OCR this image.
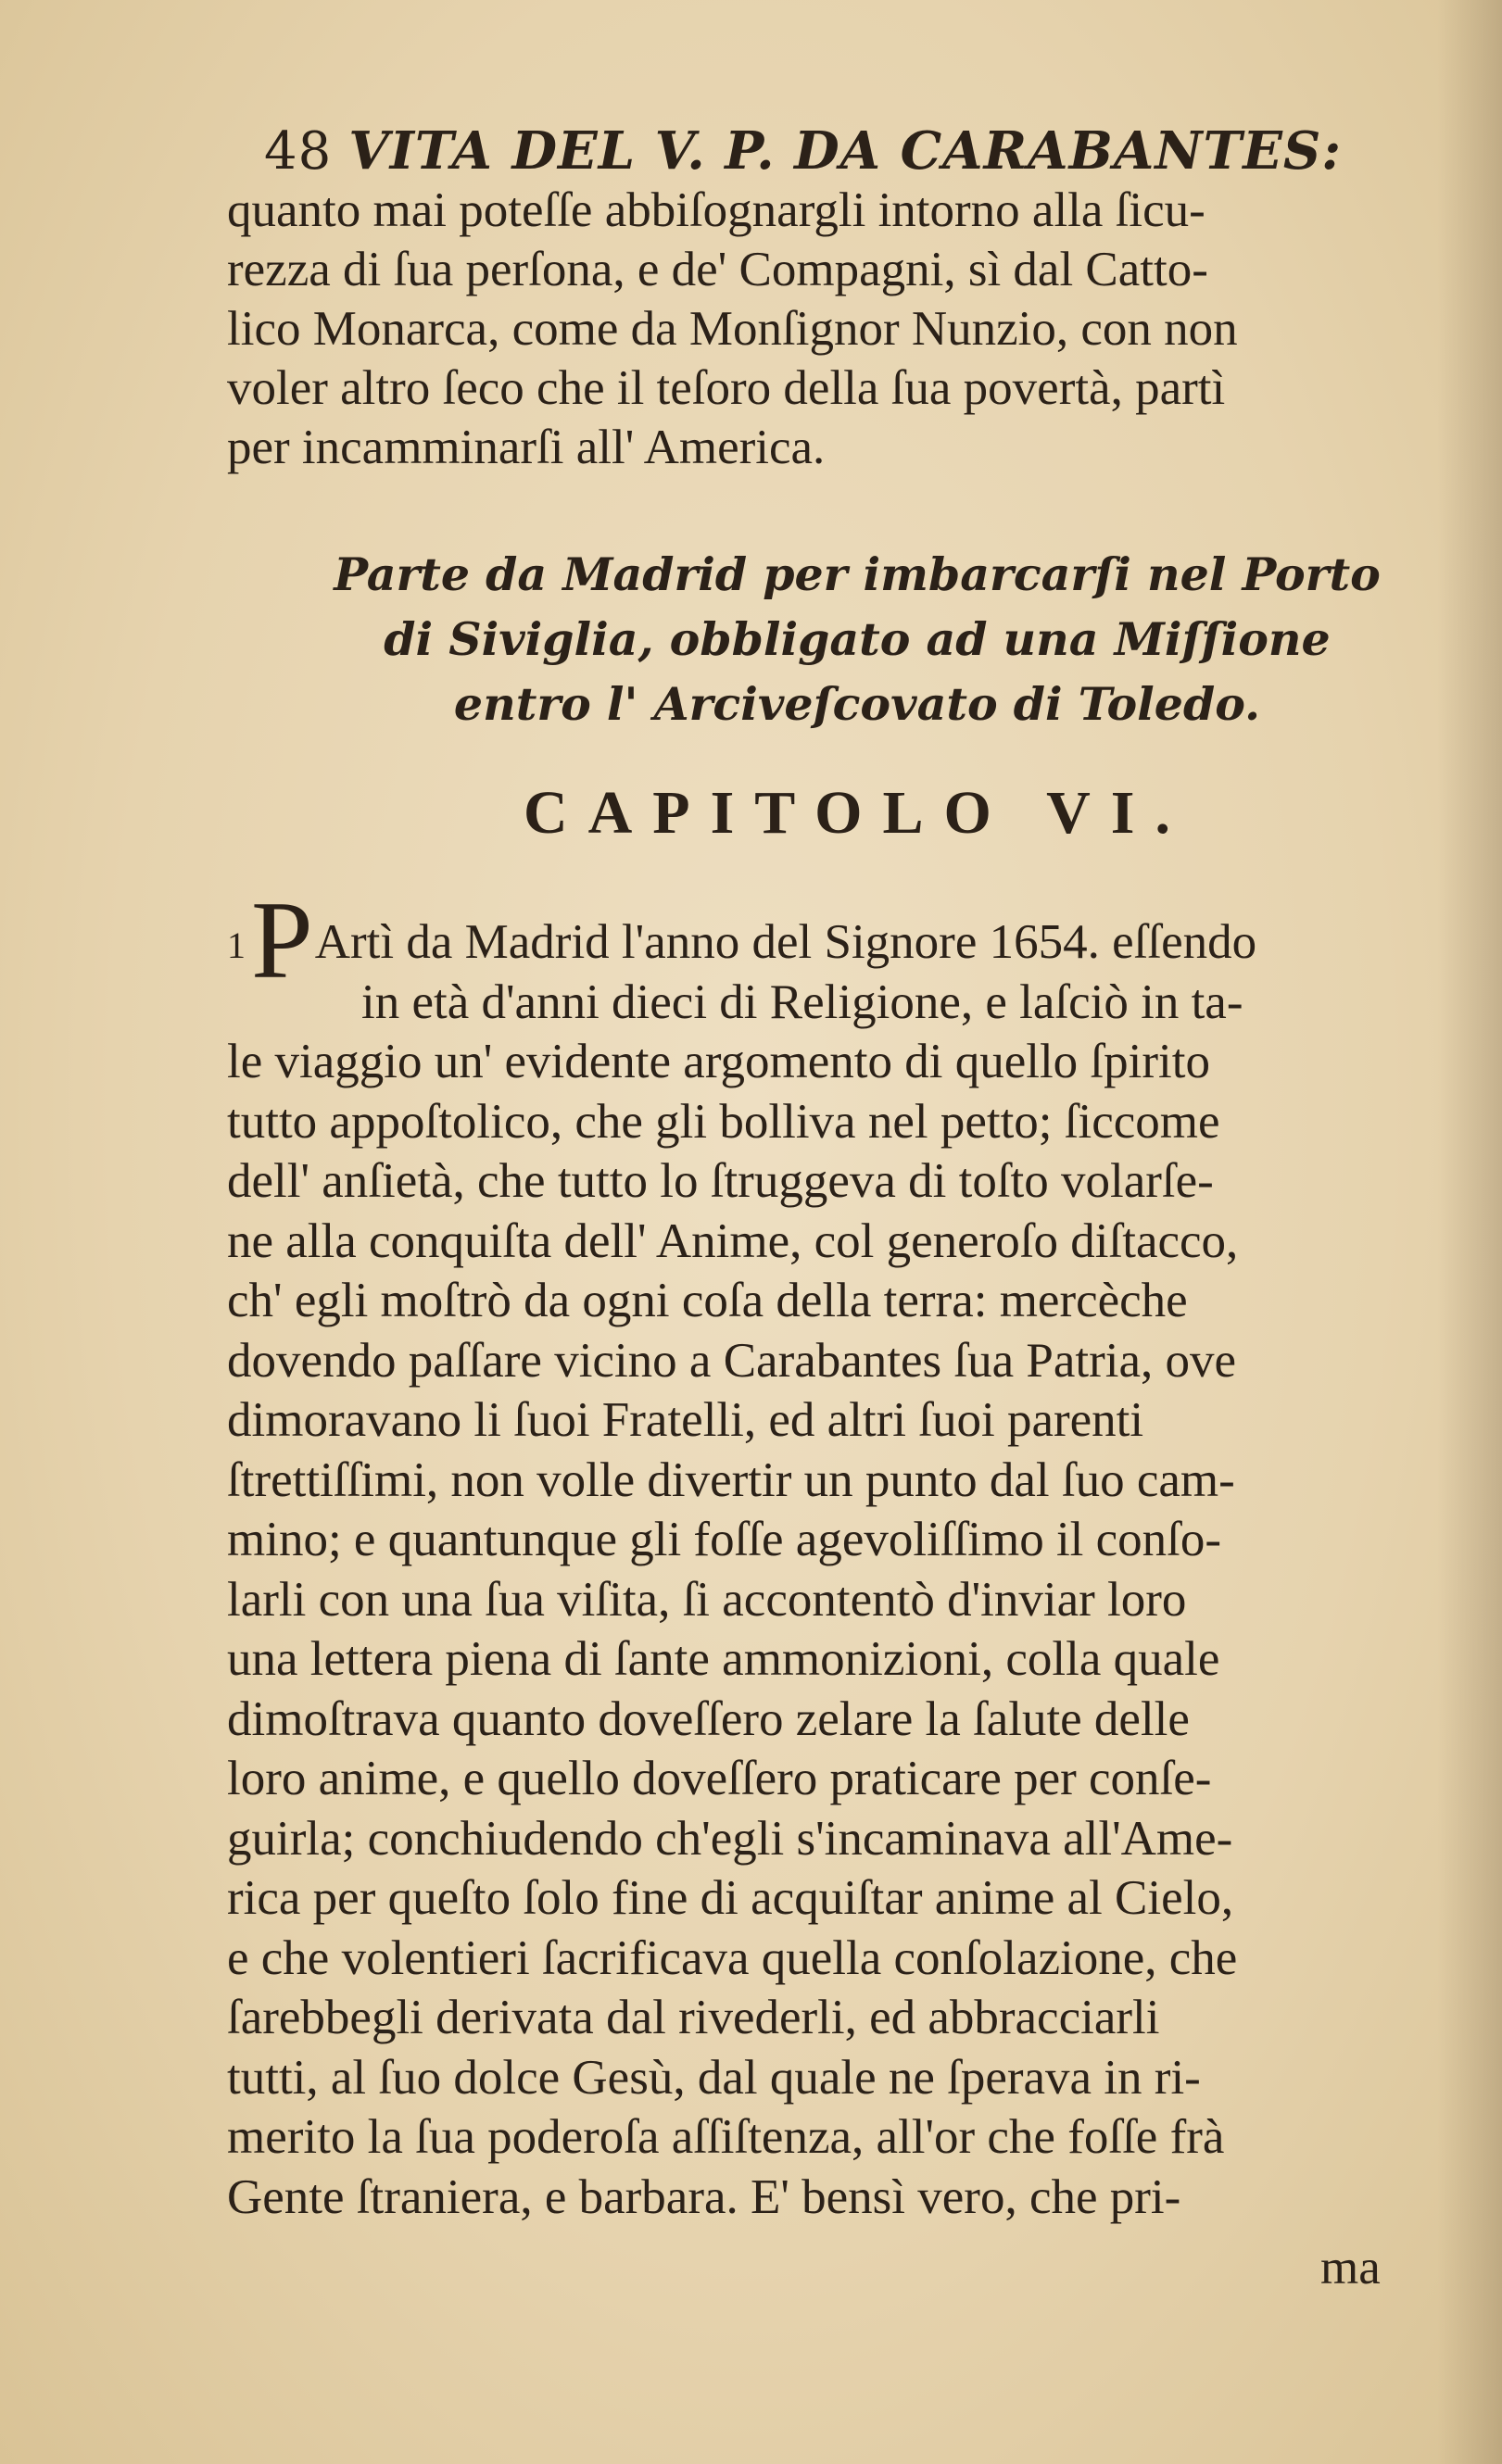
48 VITA DEL V. P. DA CARABANTES:
quanto mai poteſſe abbiſognargli intorno alla ſicu-
rezza di ſua perſona, e de' Compagni, sì dal Catto-
lico Monarca, come da Monſignor Nunzio, con non
voler altro ſeco che il teſoro della ſua povertà, partì
per incamminarſi all' America.
Parte da Madrid per imbarcarſi nel Porto
di Siviglia, obbligato ad una Miſſione
entro l' Arciveſcovato di Toledo.
CAPITOLO VI.
1PArtì da Madrid l'anno del Signore 1654. eſſendo
in età d'anni dieci di Religione, e laſciò in ta-
le viaggio un' evidente argomento di quello ſpirito
tutto appoſtolico, che gli bolliva nel petto; ſiccome
dell' anſietà, che tutto lo ſtruggeva di toſto volarſe-
ne alla conquiſta dell' Anime, col generoſo diſtacco,
ch' egli moſtrò da ogni coſa della terra: mercèche
dovendo paſſare vicino a Carabantes ſua Patria, ove
dimoravano li ſuoi Fratelli, ed altri ſuoi parenti
ſtrettiſſimi, non volle divertir un punto dal ſuo cam-
mino; e quantunque gli foſſe agevoliſſimo il conſo-
larli con una ſua viſita, ſi accontentò d'inviar loro
una lettera piena di ſante ammonizioni, colla quale
dimoſtrava quanto doveſſero zelare la ſalute delle
loro anime, e quello doveſſero praticare per conſe-
guirla; conchiudendo ch'egli s'incaminava all'Ame-
rica per queſto ſolo fine di acquiſtar anime al Cielo,
e che volentieri ſacrificava quella conſolazione, che
ſarebbegli derivata dal rivederli, ed abbracciarli
tutti, al ſuo dolce Gesù, dal quale ne ſperava in ri-
merito la ſua poderoſa aſſiſtenza, all'or che foſſe frà
Gente ſtraniera, e barbara. E' bensì vero, che pri-
ma
